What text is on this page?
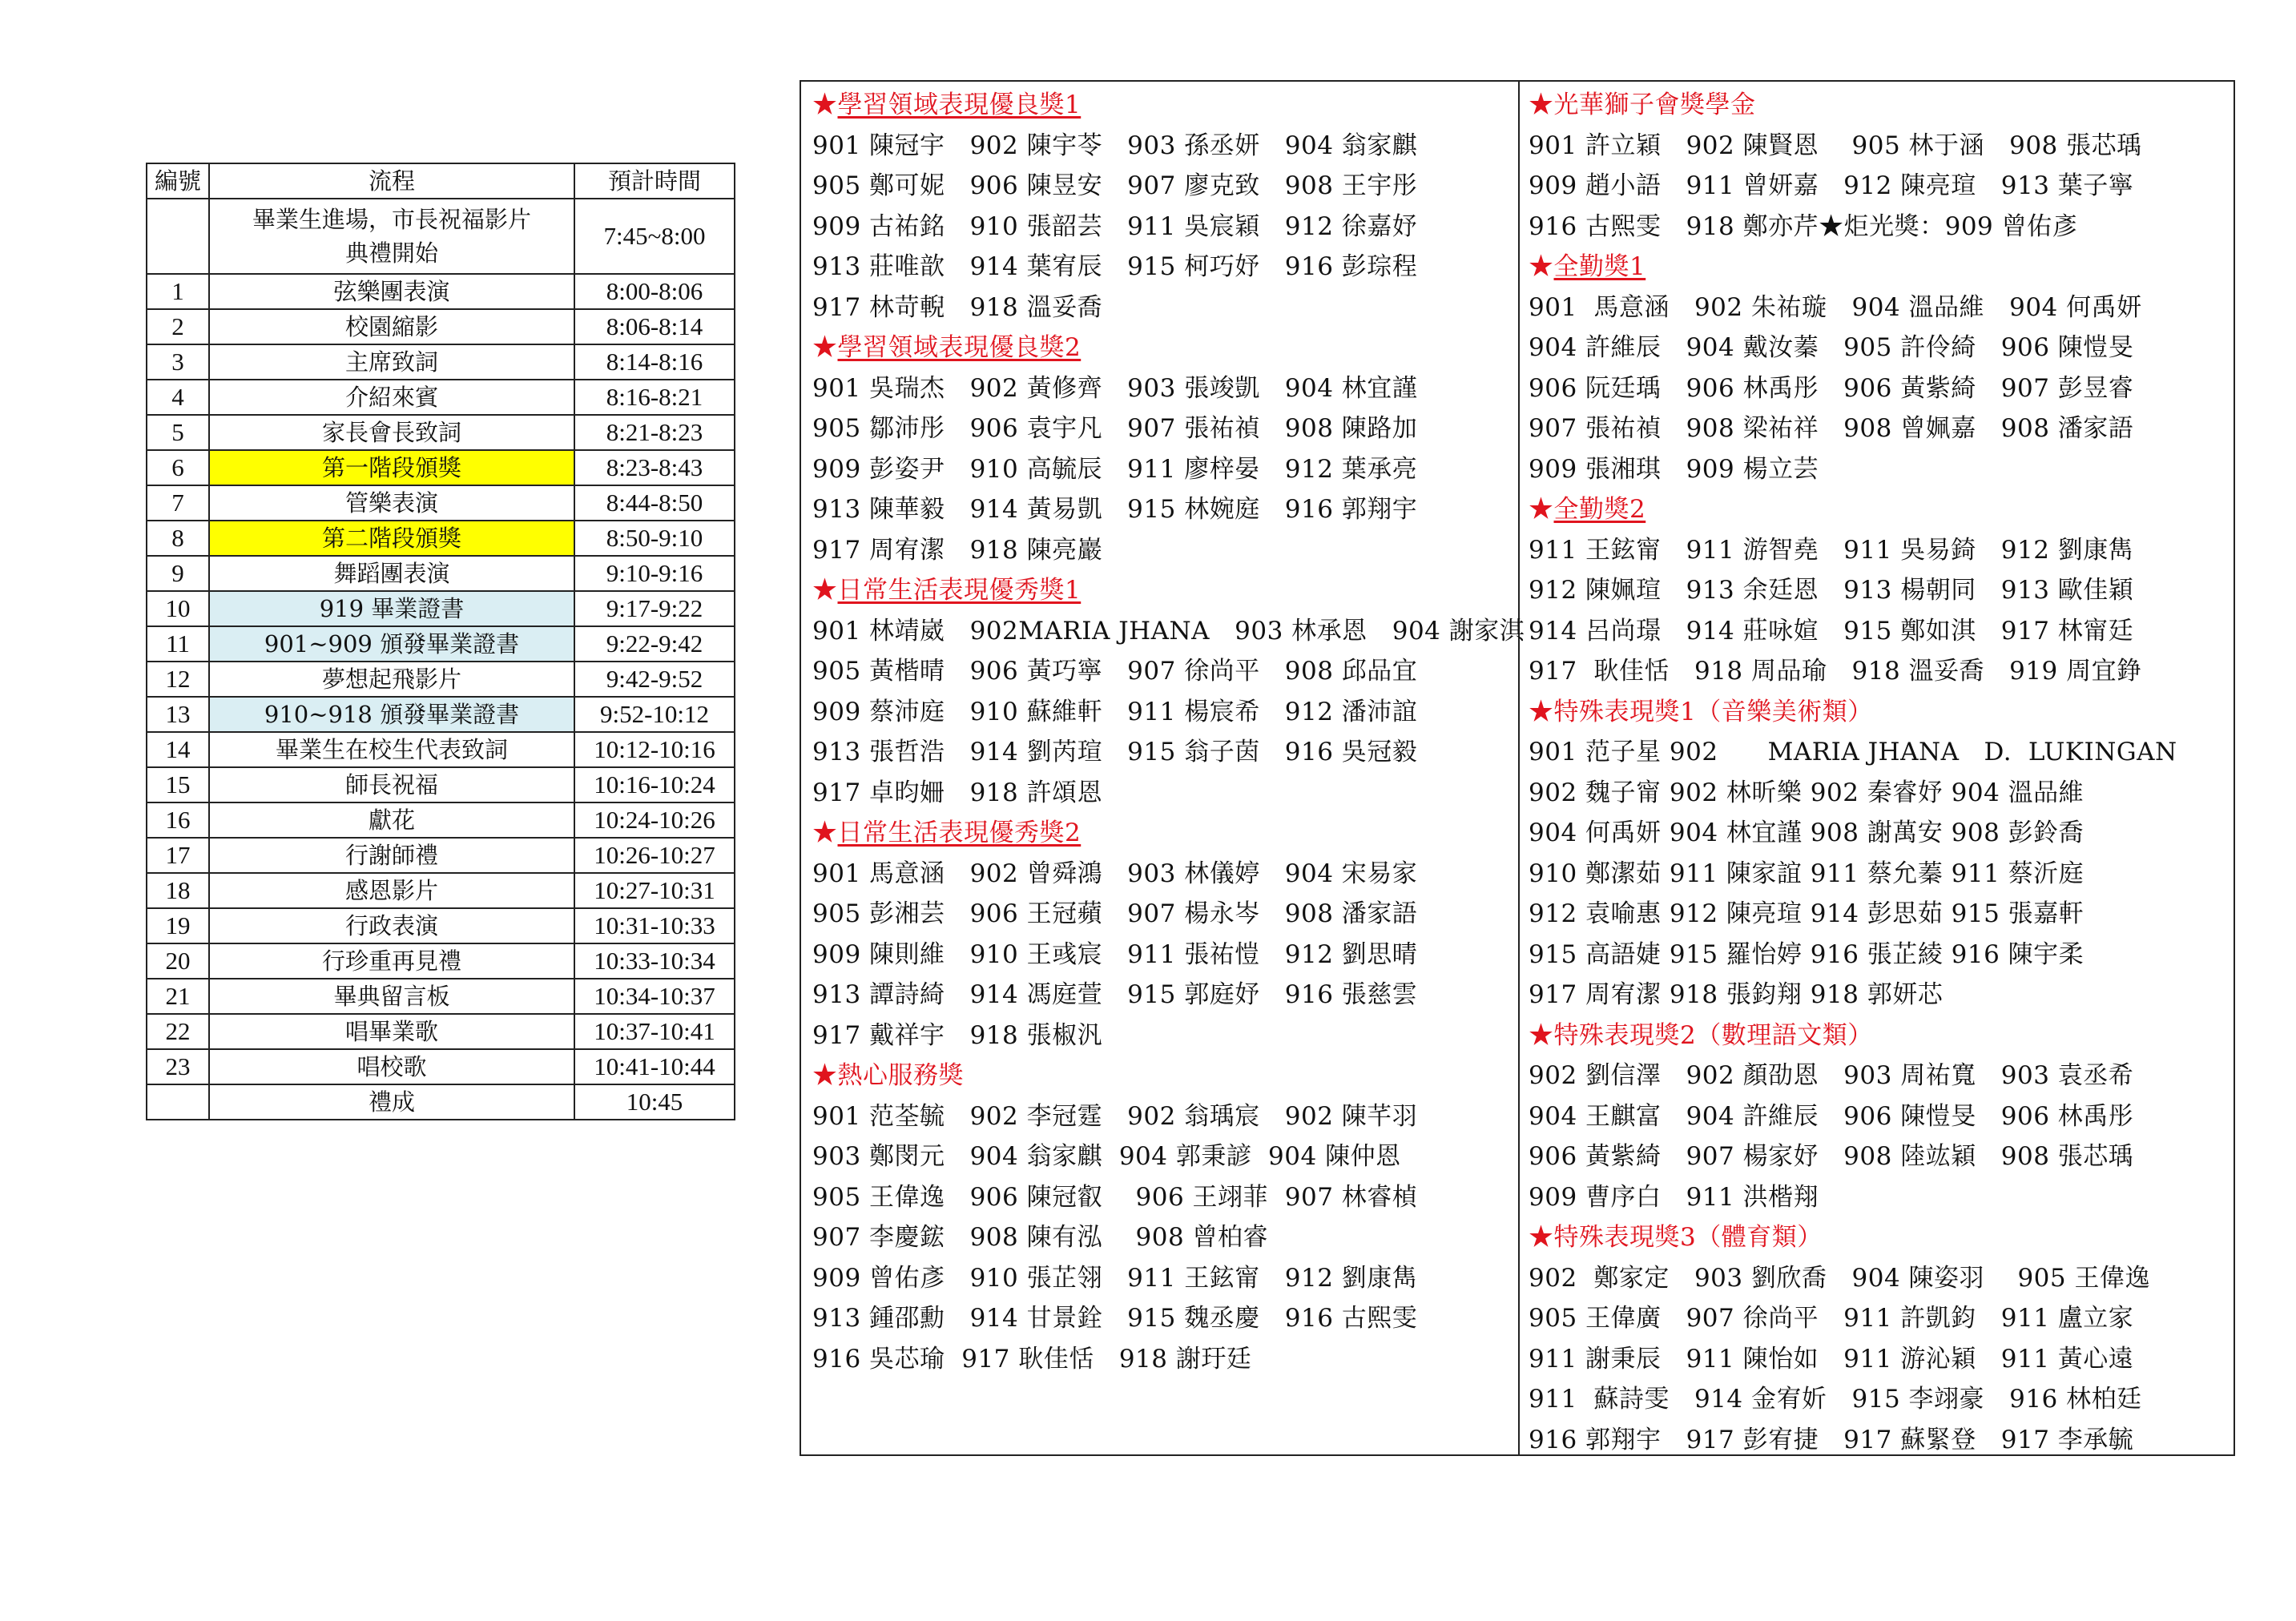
編號	流程	預計時間

	畢業生進場，市長祝福影片
典禮開始	7:45~8:00
1	弦樂團表演	8:00-8:06
2	校園縮影	8:06-8:14
3	主席致詞	8:14-8:16
4	介紹來賓	8:16-8:21
5	家長會長致詞	8:21-8:23
6	第一階段頒獎	8:23-8:43
7	管樂表演	8:44-8:50
8	第二階段頒獎	8:50-9:10
9	舞蹈團表演	9:10-9:16
10	919 畢業證書	9:17-9:22
11	901~909 頒發畢業證書	9:22-9:42
12	夢想起飛影片	9:42-9:52
13	910~918 頒發畢業證書	9:52-10:12
14	畢業生在校生代表致詞	10:12-10:16
15	師長祝福	10:16-10:24
16	獻花	10:24-10:26
17	行謝師禮	10:26-10:27
18	感恩影片	10:27-10:31
19	行政表演	10:31-10:33
20	行珍重再見禮	10:33-10:34
21	畢典留言板	10:34-10:37
22	唱畢業歌	10:37-10:41
23	唱校歌	10:41-10:44
	禮成	10:45
★學習領域表現優良獎1
901 陳冠宇   902 陳宇苓   903 孫丞妍   904 翁家麒
905 鄭可妮   906 陳昱安   907 廖克致   908 王宇彤
909 古祐銘   910 張韶芸   911 吳宸穎   912 徐嘉妤
913 莊唯歆   914 葉宥辰   915 柯巧妤   916 彭琮程
917 林苛輗   918 溫妥喬
★學習領域表現優良獎2
901 吳瑞杰   902 黃修齊   903 張竣凱   904 林宜謹
905 鄒沛彤   906 袁宇凡   907 張祐禎   908 陳路加
909 彭姿尹   910 高毓辰   911 廖梓晏   912 葉承亮
913 陳華毅   914 黃易凱   915 林婉庭   916 郭翔宇
917 周宥潔   918 陳亮巖
★日常生活表現優秀獎1
901 林靖崴   902MARIA JHANA   903 林承恩   904 謝家淇
905 黃楷晴   906 黃巧寧   907 徐尚平   908 邱品宜
909 蔡沛庭   910 蘇維軒   911 楊宸希   912 潘沛誼
913 張哲浩   914 劉芮瑄   915 翁子茵   916 吳冠毅
917 卓昀姍   918 許頌恩
★日常生活表現優秀獎2
901 馬意涵   902 曾舜鴻   903 林儀婷   904 宋易家
905 彭湘芸   906 王冠蘋   907 楊永岑   908 潘家語
909 陳則維   910 王彧宸   911 張祐愷   912 劉思晴
913 譚詩綺   914 馮庭萱   915 郭庭妤   916 張慈雲
917 戴祥宇   918 張椒汎
★熱心服務獎
901 范荃毓   902 李冠霆   902 翁瑀宸   902 陳芊羽
903 鄭閔元   904 翁家麒  904 郭秉諺  904 陳仲恩
905 王偉逸   906 陳冠叡    906 王翊菲  907 林睿楨
907 李慶鋐   908 陳有泓    908 曾柏睿
909 曾佑彥   910 張芷翎   911 王鉉甯   912 劉康雋
913 鍾邵勳   914 甘景銓   915 魏丞慶   916 古熙雯
916 吳芯瑜  917 耿佳恬   918 謝玗廷
★光華獅子會獎學金
901 許立穎   902 陳賢恩    905 林于涵   908 張芯瑀
909 趙小語   911 曾妍嘉   912 陳亮瑄   913 葉子寧
916 古熙雯   918 鄭亦芹★炬光獎：909 曾佑彥
★全勤獎1
901  馬意涵   902 朱祐璇   904 溫品維   904 何禹妍
904 許維辰   904 戴汝蓁   905 許伶綺   906 陳愷旻
906 阮廷瑀   906 林禹彤   906 黃紫綺   907 彭昱睿
907 張祐禎   908 梁祐祥   908 曾姵嘉   908 潘家語
909 張湘琪   909 楊立芸
★全勤獎2
911 王鉉甯   911 游智堯   911 吳易錡   912 劉康雋
912 陳姵瑄   913 余廷恩   913 楊朝同   913 歐佳穎
914 呂尚璟   914 莊咏媗   915 鄭如淇   917 林甯廷
917  耿佳恬   918 周品瑜   918 溫妥喬   919 周宜錚
★特殊表現獎1（音樂美術類）
901 范子星 902      MARIA JHANA   D.  LUKINGAN
902 魏子甯 902 林昕樂 902 秦睿妤 904 溫品維
904 何禹妍 904 林宜謹 908 謝萬安 908 彭鈴喬
910 鄭潔茹 911 陳家誼 911 蔡允蓁 911 蔡沂庭
912 袁喻惠 912 陳亮瑄 914 彭思茹 915 張嘉軒
915 高語婕 915 羅怡婷 916 張芷綾 916 陳宇柔
917 周宥潔 918 張鈞翔 918 郭妍芯
★特殊表現獎2（數理語文類）
902 劉信澤   902 顏劭恩   903 周祐寬   903 袁丞希
904 王麒富   904 許維辰   906 陳愷旻   906 林禹彤
906 黃紫綺   907 楊家妤   908 陸竑穎   908 張芯瑀
909 曹序白   911 洪楷翔
★特殊表現獎3（體育類）
902  鄭家定   903 劉欣喬   904 陳姿羽    905 王偉逸
905 王偉廣   907 徐尚平   911 許凱鈞   911 盧立家
911 謝秉辰   911 陳怡如   911 游沁穎   911 黃心遠
911  蘇詩雯   914 金宥妡   915 李翊豪   916 林柏廷
916 郭翔宇   917 彭宥捷   917 蘇緊登   917 李承毓
